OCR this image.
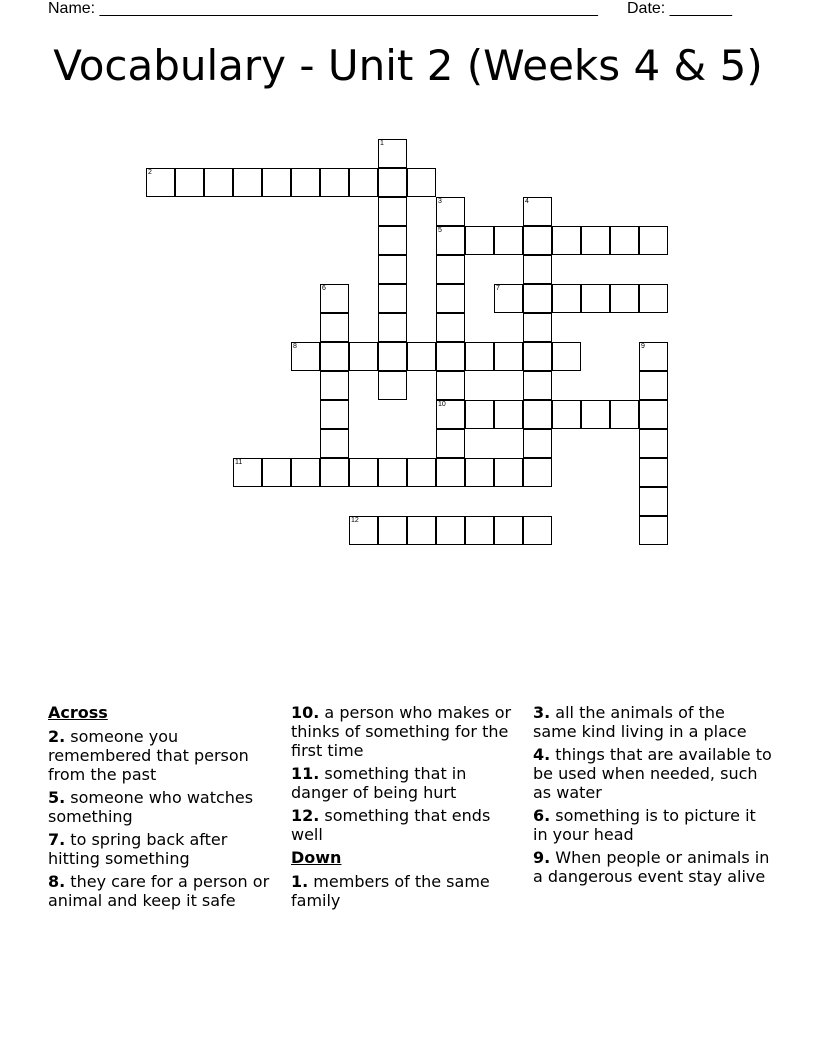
Name: ________________________________________________________ Date: _______
Vocabulary - Unit 2 (Weeks 4 & 5)
1
2
3
5
10
4
6	7
8	9
11
12
Across
2. someone you remembered that person from the past
5. someone who watches something
7. to spring back after hitting something
8. they care for a person or animal and keep it safe
10. a person who makes or thinks of something for the first time
11. something that in danger of being hurt
12. something that ends well
Down
1. members of the same family
3. all the animals of the same kind living in a place
4. things that are available to be used when needed, such as water
6. something is to picture it in your head
9. When people or animals in a dangerous event stay alive
